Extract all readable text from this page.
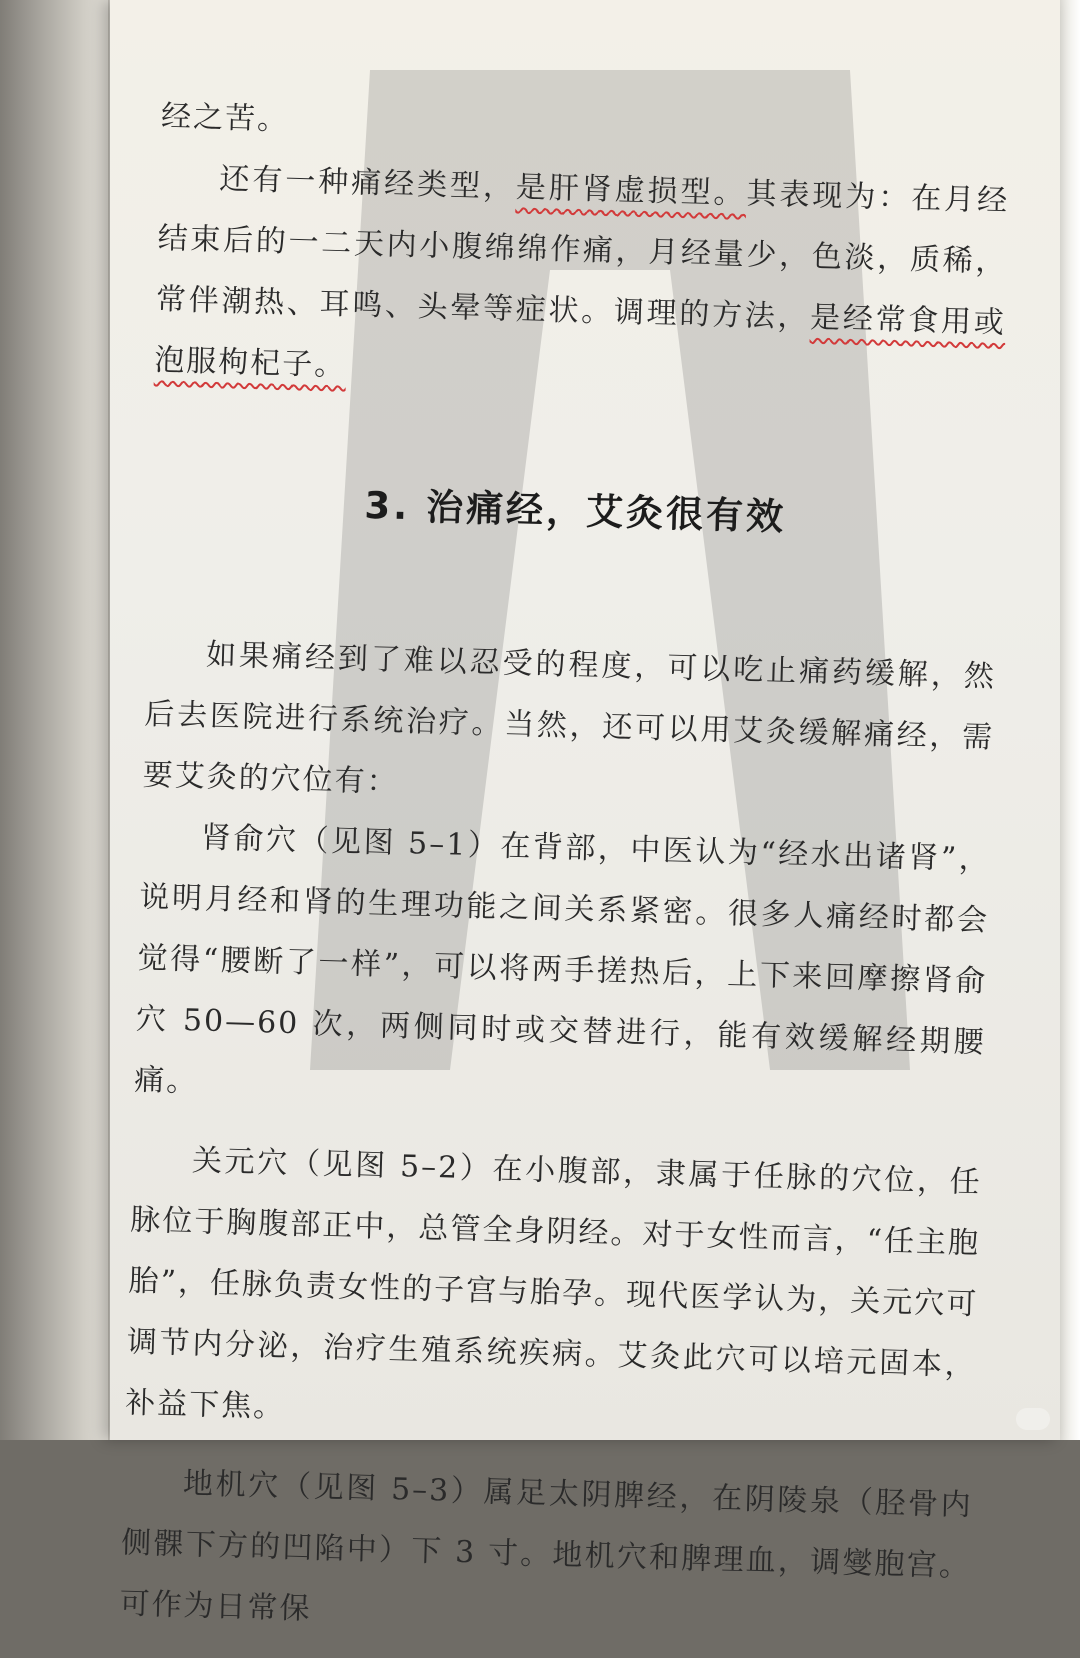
经之苦。

还有一种痛经类型，是肝肾虚损型。其表现为：在月经结束后的一二天内小腹绵绵作痛，月经量少，色淡，质稀，常伴潮热、耳鸣、头晕等症状。调理的方法，是经常食用或泡服枸杞子。

3. 治痛经，艾灸很有效

如果痛经到了难以忍受的程度，可以吃止痛药缓解，然后去医院进行系统治疗。当然，还可以用艾灸缓解痛经，需要艾灸的穴位有：

肾俞穴（见图 5–1）在背部，中医认为“经水出诸肾”，说明月经和肾的生理功能之间关系紧密。很多人痛经时都会觉得“腰断了一样”，可以将两手搓热后，上下来回摩擦肾俞穴 50—60 次，两侧同时或交替进行，能有效缓解经期腰痛。

关元穴（见图 5–2）在小腹部，隶属于任脉的穴位，任脉位于胸腹部正中，总管全身阴经。对于女性而言，“任主胞胎”，任脉负责女性的子宫与胎孕。现代医学认为，关元穴可调节内分泌，治疗生殖系统疾病。艾灸此穴可以培元固本，补益下焦。

地机穴（见图 5–3）属足太阴脾经，在阴陵泉（胫骨内侧髁下方的凹陷中）下 3 寸。地机穴和脾理血，调燮胞宫。可作为日常保
